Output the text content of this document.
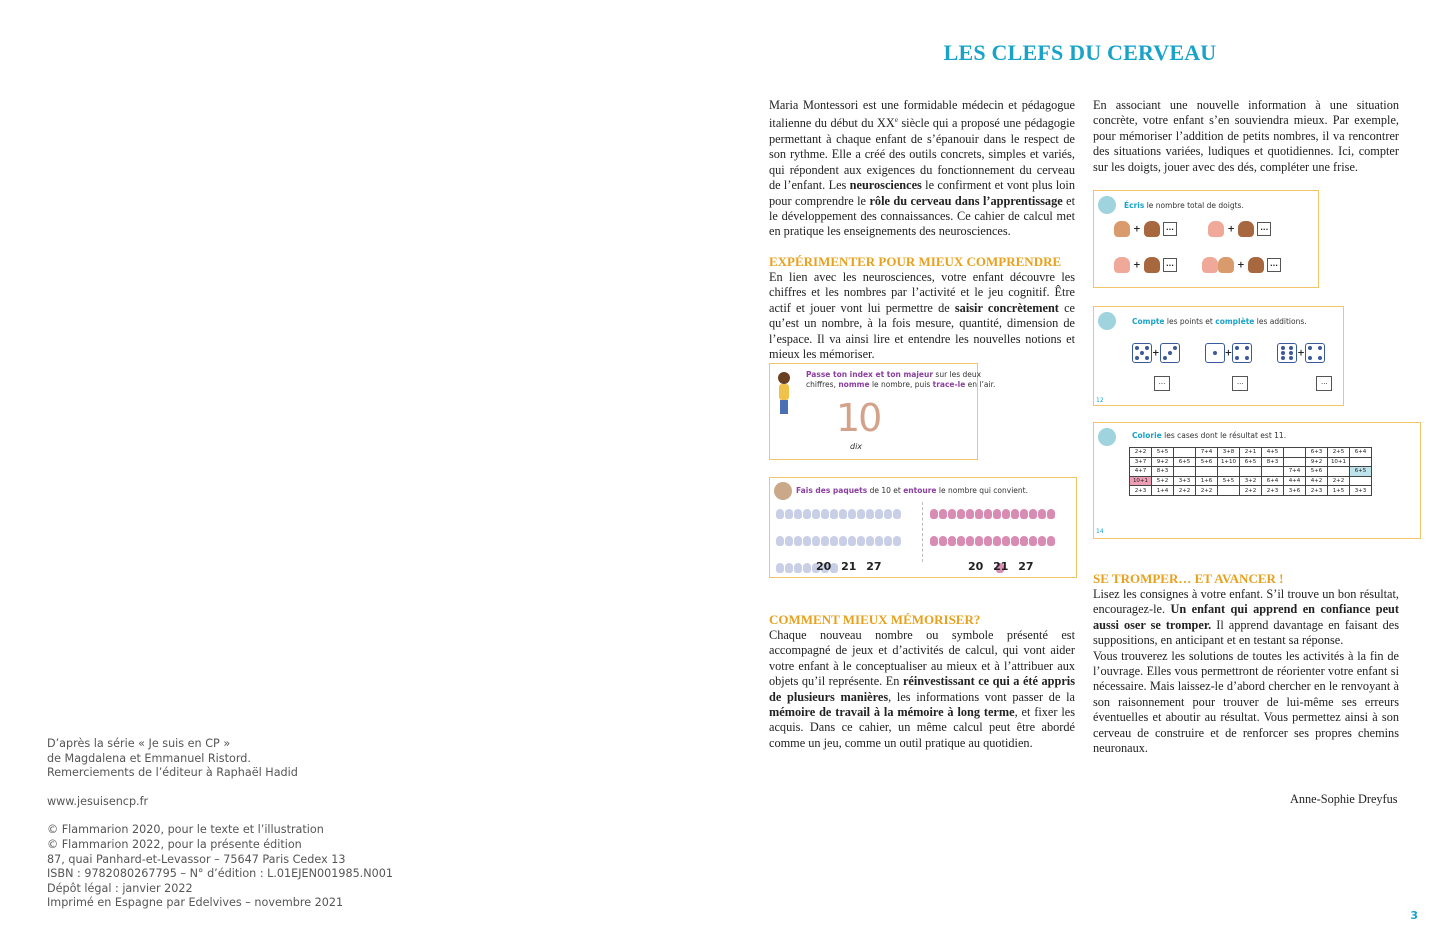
D’après la série « Je suis en CP »
de Magdalena et Emmanuel Ristord.
Remerciements de l’éditeur à Raphaël Hadid
www.jesuisencp.fr
© Flammarion 2020, pour le texte et l’illustration
© Flammarion 2022, pour la présente édition
87, quai Panhard-et-Levassor – 75647 Paris Cedex 13
ISBN : 9782080267795 – N° d’édition : L.01EJEN001985.N001
Dépôt légal : janvier 2022
Imprimé en Espagne par Edelvives – novembre 2021
LES CLEFS DU CERVEAU

Maria Montessori est une formidable médecin et pédagogue italienne du début du XXe siècle qui a proposé une pédagogie permettant à chaque enfant de s’épanouir dans le respect de son rythme. Elle a créé des outils concrets, simples et variés, qui répondent aux exigences du fonctionnement du cerveau de l’enfant. Les neurosciences le confirment et vont plus loin pour comprendre le rôle du cerveau dans l’apprentissage et le développement des connaissances. Ce cahier de calcul met en pratique les enseignements des neurosciences.

EXPÉRIMENTER POUR MIEUX COMPRENDRE

En lien avec les neurosciences, votre enfant découvre les chiffres et les nombres par l’activité et le jeu cognitif. Être actif et jouer vont lui permettre de saisir concrètement ce qu’est un nombre, à la fois mesure, quantité, dimension de l’espace. Il va ainsi lire et entendre les nouvelles notions et mieux les mémoriser.

Passe ton index et ton majeur sur les deux
chiffres, nomme le nombre, puis trace-le en l’air.
10
dix
Fais des paquets de 10 et entoure le nombre qui convient.
20 21 27	20 21 27

COMMENT MIEUX MÉMORISER?

Chaque nouveau nombre ou symbole présenté est accompagné de jeux et d’activités de calcul, qui vont aider votre enfant à le conceptualiser au mieux et à l’attribuer aux objets qu’il représente. En réinvestissant ce qui a été appris de plusieurs manières, les informations vont passer de la mémoire de travail à la mémoire à long terme, et fixer les acquis. Dans ce cahier, un même calcul peut être abordé comme un jeu, comme un outil pratique au quotidien.

En associant une nouvelle information à une situation concrète, votre enfant s’en souviendra mieux. Par exemple, pour mémoriser l’addition de petits nombres, il va rencontrer des situations variées, ludiques et quotidiennes. Ici, compter sur les doigts, jouer avec des dés, compléter une frise.

Écris le nombre total de doigts.
+	...	+	...
+	...	+	...
Compte les points et complète les additions.
+
	+
	+
...	...	...
12
Colorie les cases dont le résultat est 11.
2+2	5+5		7+4	3+8	2+1	4+5		6+3	2+5	6+4
3+7	9+2	6+5	5+6	1+10	6+5	8+3		9+2	10+1	
4+7	8+3						7+4	5+6		6+5
10+1	5+2	3+3	1+6	5+5	3+2	6+4	4+4	4+2	2+2	
2+3	1+4	2+2	2+2		2+2	2+3	3+6	2+3	1+5	3+3
14

SE TROMPER… ET AVANCER !

Lisez les consignes à votre enfant. S’il trouve un bon résultat, encouragez-le. Un enfant qui apprend en confiance peut aussi oser se tromper. Il apprend davantage en faisant des suppositions, en anticipant et en testant sa réponse.

Vous trouverez les solutions de toutes les activités à la fin de l’ouvrage. Elles vous permettront de réorienter votre enfant si nécessaire. Mais laissez-le d’abord chercher en le renvoyant à son raisonnement pour trouver de lui-même ses erreurs éventuelles et aboutir au résultat. Vous permettez ainsi à son cerveau de construire et de renforcer ses propres chemins neuronaux.

Anne-Sophie Dreyfus
3
